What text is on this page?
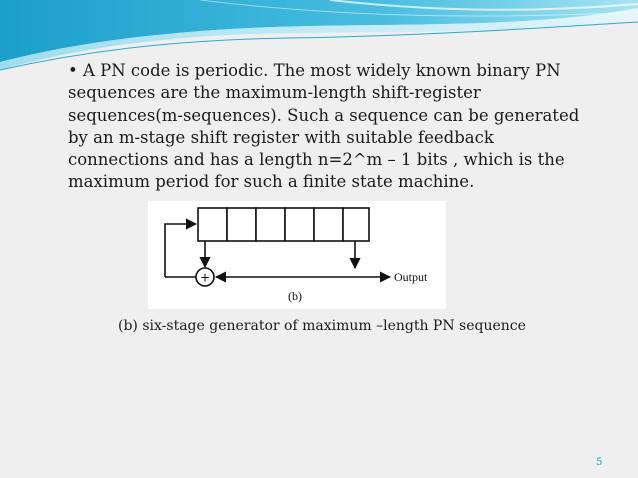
• A PN code is periodic. The most widely known binary PN sequences are the maximum-length shift-register sequences(m-sequences). Such a sequence can be generated by an m-stage shift register with suitable feedback connections and has a length n=2^m – 1 bits , which is the maximum period for such a finite state machine.
+	Output
(b)
(b) six-stage generator of maximum –length PN sequence
5
